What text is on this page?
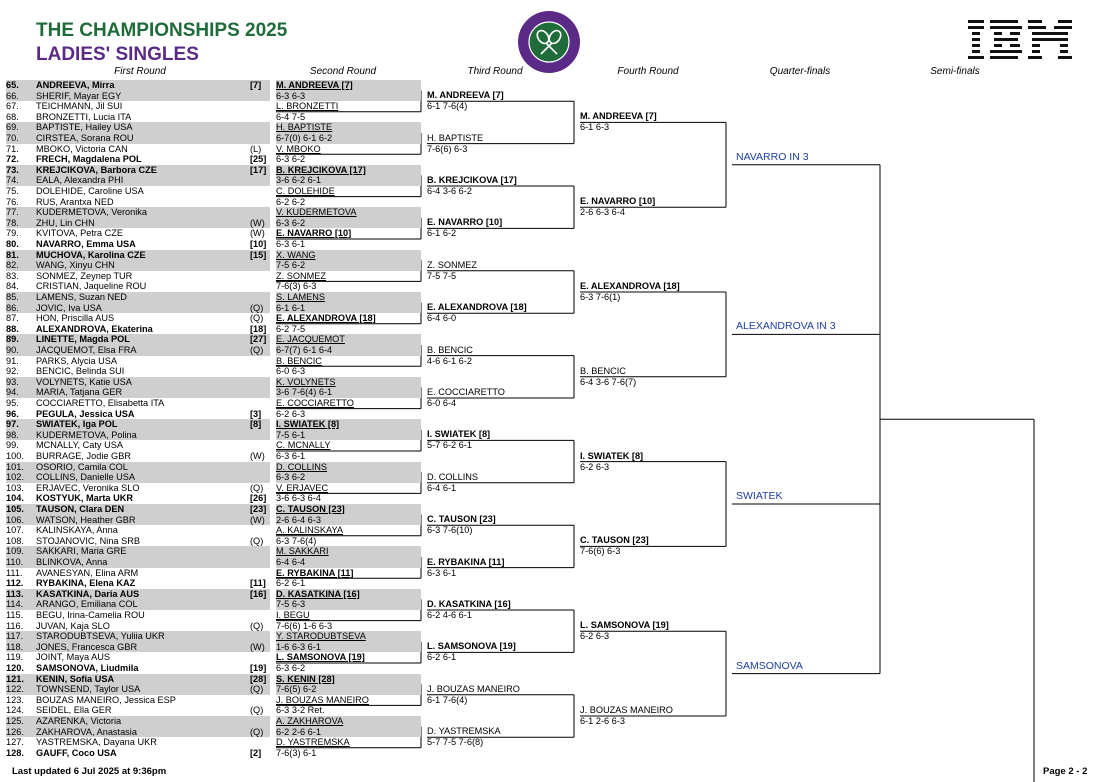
THE CHAMPIONSHIPS 2025
LADIES' SINGLES
First Round	Second Round	Third Round	Fourth Round	Quarter-finals	Semi-finals
65.	ANDREEVA, Mirra	[7]
66.	SHERIF, Mayar EGY
67.	TEICHMANN, Jil SUI
68.	BRONZETTI, Lucia ITA
69.	BAPTISTE, Hailey USA
70.	CIRSTEA, Sorana ROU
71.	MBOKO, Victoria CAN	(L)
72.	FRECH, Magdalena POL	[25]
73.	KREJCIKOVA, Barbora CZE	[17]
74.	EALA, Alexandra PHI
75.	DOLEHIDE, Caroline USA
76.	RUS, Arantxa NED
77.	KUDERMETOVA, Veronika
78.	ZHU, Lin CHN	(W)
79.	KVITOVA, Petra CZE	(W)
80.	NAVARRO, Emma USA	[10]
81.	MUCHOVA, Karolina CZE	[15]
82.	WANG, Xinyu CHN
83.	SONMEZ, Zeynep TUR
84.	CRISTIAN, Jaqueline ROU
85.	LAMENS, Suzan NED
86.	JOVIC, Iva USA	(Q)
87.	HON, Priscilla AUS	(Q)
88.	ALEXANDROVA, Ekaterina	[18]
89.	LINETTE, Magda POL	[27]
90.	JACQUEMOT, Elsa FRA	(Q)
91.	PARKS, Alycia USA
92.	BENCIC, Belinda SUI
93.	VOLYNETS, Katie USA
94.	MARIA, Tatjana GER
95.	COCCIARETTO, Elisabetta ITA
96.	PEGULA, Jessica USA	[3]
97.	SWIATEK, Iga POL	[8]
98.	KUDERMETOVA, Polina
99.	MCNALLY, Caty USA
100.	BURRAGE, Jodie GBR	(W)
101.	OSORIO, Camila COL
102.	COLLINS, Danielle USA
103.	ERJAVEC, Veronika SLO	(Q)
104.	KOSTYUK, Marta UKR	[26]
105.	TAUSON, Clara DEN	[23]
106.	WATSON, Heather GBR	(W)
107.	KALINSKAYA, Anna
108.	STOJANOVIC, Nina SRB	(Q)
109.	SAKKARI, Maria GRE
110.	BLINKOVA, Anna
111.	AVANESYAN, Elina ARM
112.	RYBAKINA, Elena KAZ	[11]
113.	KASATKINA, Daria AUS	[16]
114.	ARANGO, Emiliana COL
115.	BEGU, Irina-Camelia ROU
116.	JUVAN, Kaja SLO	(Q)
117.	STARODUBTSEVA, Yuliia UKR
118.	JONES, Francesca GBR	(W)
119.	JOINT, Maya AUS
120.	SAMSONOVA, Liudmila	[19]
121.	KENIN, Sofia USA	[28]
122.	TOWNSEND, Taylor USA	(Q)
123.	BOUZAS MANEIRO, Jessica ESP
124.	SEIDEL, Ella GER	(Q)
125.	AZARENKA, Victoria
126.	ZAKHAROVA, Anastasia	(Q)
127.	YASTREMSKA, Dayana UKR
128.	GAUFF, Coco USA	[2]
M. ANDREEVA [7]
6-3 6-3
L. BRONZETTI
6-4 7-5
H. BAPTISTE
6-7(0) 6-1 6-2
V. MBOKO
6-3 6-2
B. KREJCIKOVA [17]
3-6 6-2 6-1
C. DOLEHIDE
6-2 6-2
V. KUDERMETOVA
6-3 6-2
E. NAVARRO [10]
6-3 6-1
X. WANG
7-5 6-2
Z. SONMEZ
7-6(3) 6-3
S. LAMENS
6-1 6-1
E. ALEXANDROVA [18]
6-2 7-5
E. JACQUEMOT
6-7(7) 6-1 6-4
B. BENCIC
6-0 6-3
K. VOLYNETS
3-6 7-6(4) 6-1
E. COCCIARETTO
6-2 6-3
I. SWIATEK [8]
7-5 6-1
C. MCNALLY
6-3 6-1
D. COLLINS
6-3 6-2
V. ERJAVEC
3-6 6-3 6-4
C. TAUSON [23]
2-6 6-4 6-3
A. KALINSKAYA
6-3 7-6(4)
M. SAKKARI
6-4 6-4
E. RYBAKINA [11]
6-2 6-1
D. KASATKINA [16]
7-5 6-3
I. BEGU
7-6(6) 1-6 6-3
Y. STARODUBTSEVA
1-6 6-3 6-1
L. SAMSONOVA [19]
6-3 6-2
S. KENIN [28]
7-6(5) 6-2
J. BOUZAS MANEIRO
6-3 3-2 Ret.
A. ZAKHAROVA
6-2 2-6 6-1
D. YASTREMSKA
7-6(3) 6-1
M. ANDREEVA [7]
6-1 7-6(4)
H. BAPTISTE
7-6(6) 6-3
B. KREJCIKOVA [17]
6-4 3-6 6-2
E. NAVARRO [10]
6-1 6-2
Z. SONMEZ
7-5 7-5
E. ALEXANDROVA [18]
6-4 6-0
B. BENCIC
4-6 6-1 6-2
E. COCCIARETTO
6-0 6-4
I. SWIATEK [8]
5-7 6-2 6-1
D. COLLINS
6-4 6-1
C. TAUSON [23]
6-3 7-6(10)
E. RYBAKINA [11]
6-3 6-1
D. KASATKINA [16]
6-2 4-6 6-1
L. SAMSONOVA [19]
6-2 6-1
J. BOUZAS MANEIRO
6-1 7-6(4)
D. YASTREMSKA
5-7 7-5 7-6(8)
M. ANDREEVA [7]
6-1 6-3
E. NAVARRO [10]
2-6 6-3 6-4
E. ALEXANDROVA [18]
6-3 7-6(1)
B. BENCIC
6-4 3-6 7-6(7)
I. SWIATEK [8]
6-2 6-3
C. TAUSON [23]
7-6(6) 6-3
L. SAMSONOVA [19]
6-2 6-3
J. BOUZAS MANEIRO
6-1 2-6 6-3
NAVARRO IN 3
ALEXANDROVA IN 3
SWIATEK
SAMSONOVA
Last updated 6 Jul 2025 at 9:36pm	Page 2 - 2
